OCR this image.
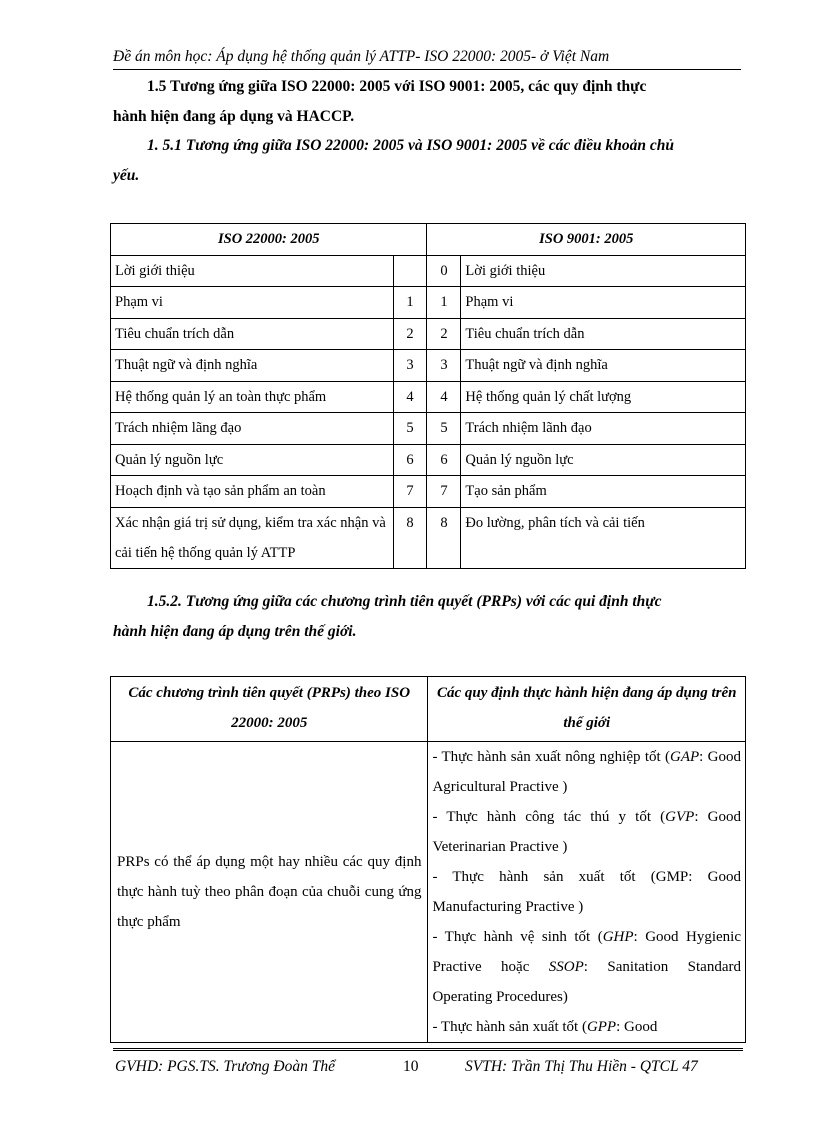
Đề án môn học: Áp dụng hệ thống quản lý ATTP- ISO 22000: 2005- ở Việt Nam
1.5 Tương ứng giữa ISO 22000: 2005 với ISO 9001: 2005, các quy định thực
hành hiện đang áp dụng và HACCP.
1. 5.1 Tương ứng giữa ISO 22000: 2005 và ISO 9001: 2005 về các điều khoản chủ
yếu.
ISO 22000: 2005		ISO 9001: 2005	
Lời giới thiệu		0	Lời giới thiệu
Phạm vi	1	1	Phạm vi
Tiêu chuẩn trích dẫn	2	2	Tiêu chuẩn trích dẫn
Thuật ngữ và định nghĩa	3	3	Thuật ngữ và định nghĩa
Hệ thống quản lý an toàn thực phẩm	4	4	Hệ thống quản lý chất lượng
Trách nhiệm lãng đạo	5	5	Trách nhiệm lãnh đạo
Quản lý nguồn lực	6	6	Quản lý nguồn lực
Hoạch định và tạo sản phẩm an toàn	7	7	Tạo sản phẩm
Xác nhận giá trị sử dụng, kiểm tra xác nhận và cải tiến hệ thống quản lý ATTP	8	8	Đo lường, phân tích và cải tiến
1.5.2. Tương ứng giữa các chương trình tiên quyết (PRPs) với các qui định thực
hành hiện đang áp dụng trên thế giới.
Các chương trình tiên quyết (PRPs) theo ISO 22000: 2005	Các quy định thực hành hiện đang áp dụng trên thế giới
PRPs có thể áp dụng một hay nhiều các quy định thực hành tuỳ theo phân đoạn của chuỗi cung ứng thực phẩm	- Thực hành sản xuất nông nghiệp tốt (GAP: Good Agricultural Practive )

- Thực hành công tác thú y tốt (GVP: Good Veterinarian Practive )

- Thực hành sản xuất tốt (GMP: Good Manufacturing Practive )

- Thực hành vệ sinh tốt (GHP: Good Hygienic Practive hoặc SSOP: Sanitation Standard Operating Procedures)

- Thực hành sản xuất tốt (GPP: Good

GVHD: PGS.TS. Trương Đoàn Thể	10	SVTH: Trần Thị Thu Hiền - QTCL 47
